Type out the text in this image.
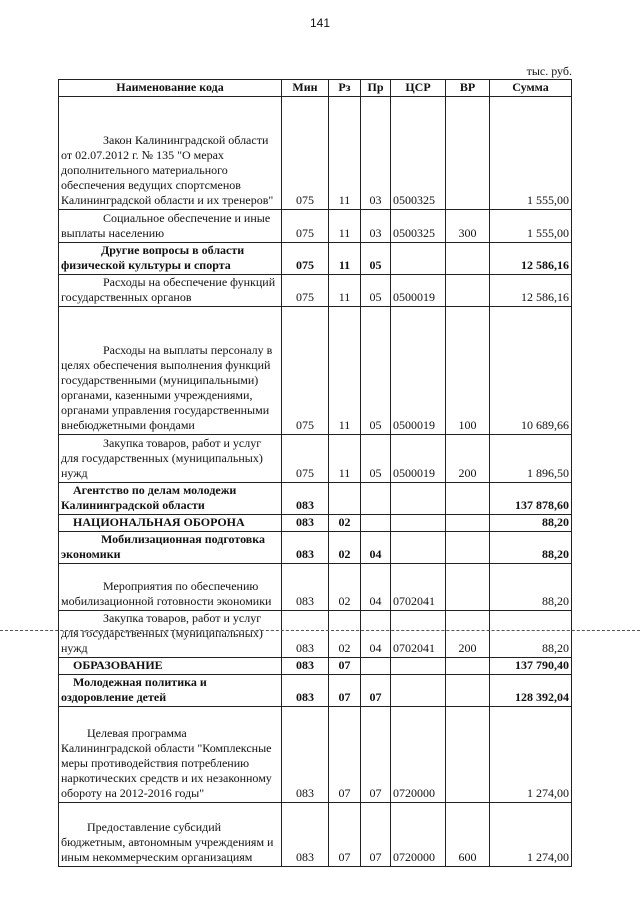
141
тыс. руб.
Наименование кода	Мин	Рз	Пр	ЦСР	ВР	Сумма
Закон Калининградской области от 02.07.2012 г. № 135 "О мерах дополнительного материального обеспечения ведущих спортсменов Калининградской области и их тренеров"	075	11	03	0500325		1 555,00
Социальное обеспечение и иные выплаты населению	075	11	03	0500325	300	1 555,00
Другие вопросы в области физической культуры и спорта	075	11	05			12 586,16
Расходы на обеспечение функций государственных органов	075	11	05	0500019		12 586,16
Расходы на выплаты персоналу в целях обеспечения выполнения функций государственными (муниципальными) органами, казенными учреждениями, органами управления государственными внебюджетными фондами	075	11	05	0500019	100	10 689,66
Закупка товаров, работ и услуг для государственных (муниципальных) нужд	075	11	05	0500019	200	1 896,50
Агентство по делам молодежи Калининградской области	083					137 878,60
НАЦИОНАЛЬНАЯ ОБОРОНА	083	02				88,20
Мобилизационная подготовка экономики	083	02	04			88,20
Мероприятия по обеспечению мобилизационной готовности экономики	083	02	04	0702041		88,20
Закупка товаров, работ и услуг для государственных (муниципальных) нужд	083	02	04	0702041	200	88,20
ОБРАЗОВАНИЕ	083	07				137 790,40
Молодежная политика и оздоровление детей	083	07	07			128 392,04
Целевая программа Калининградской области "Комплексные меры противодействия потреблению наркотических средств и их незаконному обороту на 2012-2016 годы"	083	07	07	0720000		1 274,00
Предоставление субсидий бюджетным, автономным учреждениям и иным некоммерческим организациям	083	07	07	0720000	600	1 274,00
